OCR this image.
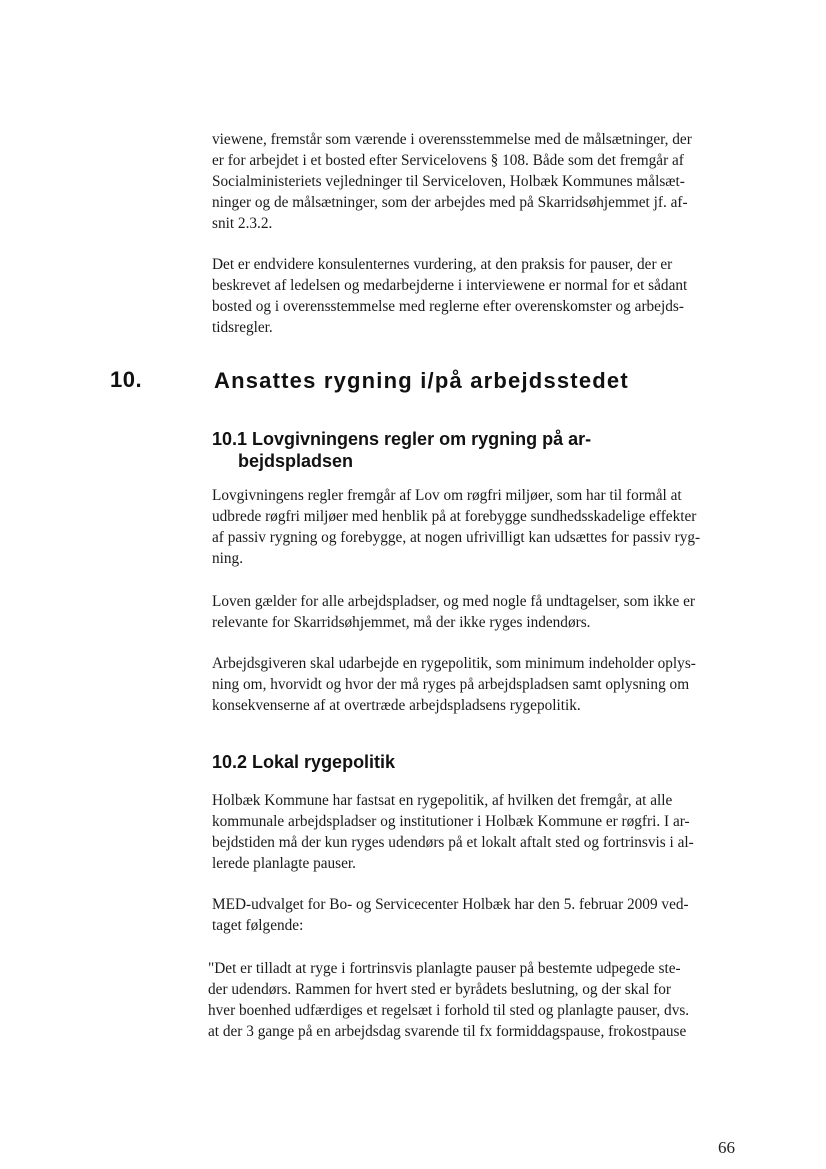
viewene, fremstår som værende i overensstemmelse med de målsætninger, der
er for arbejdet i et bosted efter Servicelovens § 108. Både som det fremgår af
Socialministeriets vejledninger til Serviceloven, Holbæk Kommunes målsæt-
ninger og de målsætninger, som der arbejdes med på Skarridsøhjemmet jf. af-
snit 2.3.2.
Det er endvidere konsulenternes vurdering, at den praksis for pauser, der er
beskrevet af ledelsen og medarbejderne i interviewene er normal for et sådant
bosted og i overensstemmelse med reglerne efter overenskomster og arbejds-
tidsregler.
10.	Ansattes rygning i/på arbejdsstedet
10.1 Lovgivningens regler om rygning på ar-
bejdspladsen
Lovgivningens regler fremgår af Lov om røgfri miljøer, som har til formål at
udbrede røgfri miljøer med henblik på at forebygge sundhedsskadelige effekter
af passiv rygning og forebygge, at nogen ufrivilligt kan udsættes for passiv ryg-
ning.
Loven gælder for alle arbejdspladser, og med nogle få undtagelser, som ikke er
relevante for Skarridsøhjemmet, må der ikke ryges indendørs.
Arbejdsgiveren skal udarbejde en rygepolitik, som minimum indeholder oplys-
ning om, hvorvidt og hvor der må ryges på arbejdspladsen samt oplysning om
konsekvenserne af at overtræde arbejdspladsens rygepolitik.
10.2 Lokal rygepolitik
Holbæk Kommune har fastsat en rygepolitik, af hvilken det fremgår, at alle
kommunale arbejdspladser og institutioner i Holbæk Kommune er røgfri. I ar-
bejdstiden må der kun ryges udendørs på et lokalt aftalt sted og fortrinsvis i al-
lerede planlagte pauser.
MED-udvalget for Bo- og Servicecenter Holbæk har den 5. februar 2009 ved-
taget følgende:
"Det er tilladt at ryge i fortrinsvis planlagte pauser på bestemte udpegede ste-
der udendørs. Rammen for hvert sted er byrådets beslutning, og der skal for
hver boenhed udfærdiges et regelsæt i forhold til sted og planlagte pauser, dvs.
at der 3 gange på en arbejdsdag svarende til fx formiddagspause, frokostpause
66
